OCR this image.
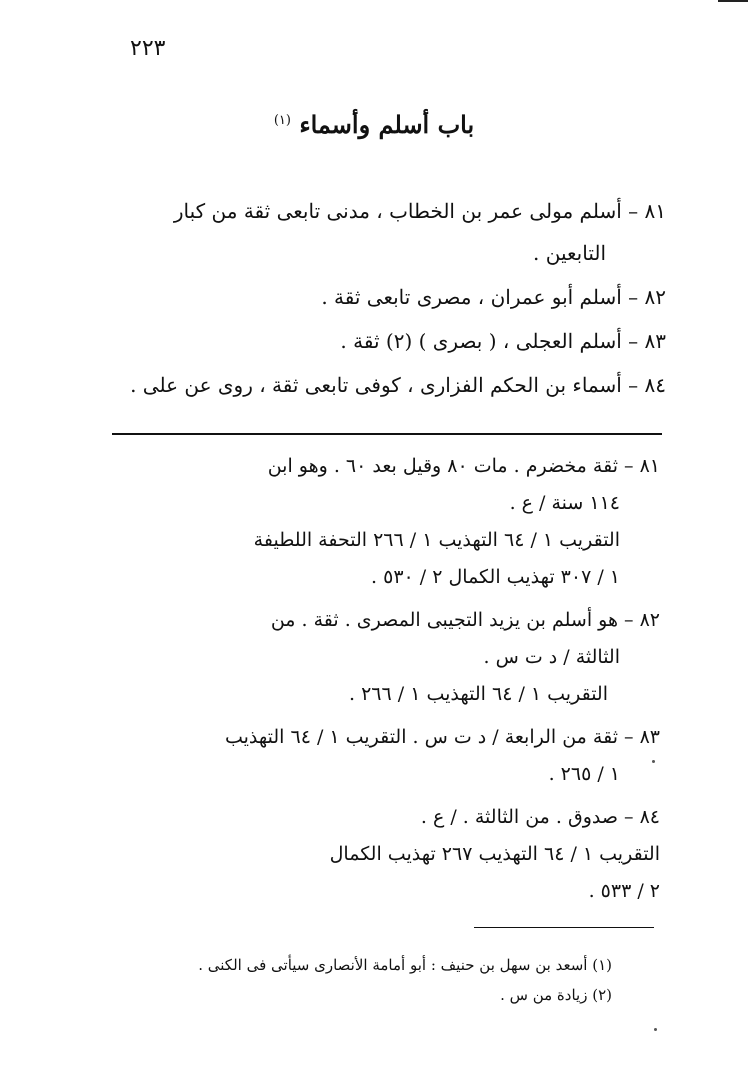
٢٢٣
باب أسلم وأسماء $^{(١)}$
٨١ – أسلم مولى عمر بن الخطاب ، مدنى تابعى ثقة من كبار
التابعين .
٨٢ – أسلم أبو عمران ، مصرى تابعى ثقة .
٨٣ – أسلم العجلى ، ( بصرى ) (٢) ثقة .
٨٤ – أسماء بن الحكم الفزارى ، كوفى تابعى ثقة ، روى عن على .
٨١ – ثقة مخضرم . مات ٨٠ وقيل بعد ٦٠ . وهو ابن
١١٤ سنة / ع .
التقريب ١ / ٦٤ التهذيب ١ / ٢٦٦ التحفة اللطيفة
١ / ٣٠٧ تهذيب الكمال ٢ / ٥٣٠ .
٨٢ – هو أسلم بن يزيد التجيبى المصرى . ثقة . من
الثالثة / د ت س .
التقريب ١ / ٦٤ التهذيب ١ / ٢٦٦ .
٨٣ – ثقة من الرابعة / د ت س . التقريب ١ / ٦٤ التهذيب
١ / ٢٦٥ .
٨٤ – صدوق . من الثالثة . / ع .
التقريب ١ / ٦٤ التهذيب ٢٦٧ تهذيب الكمال
٢ / ٥٣٣ .
(١) أسعد بن سهل بن حنيف : أبو أمامة الأنصارى سيأتى فى الكنى .
(٢) زيادة من س .
